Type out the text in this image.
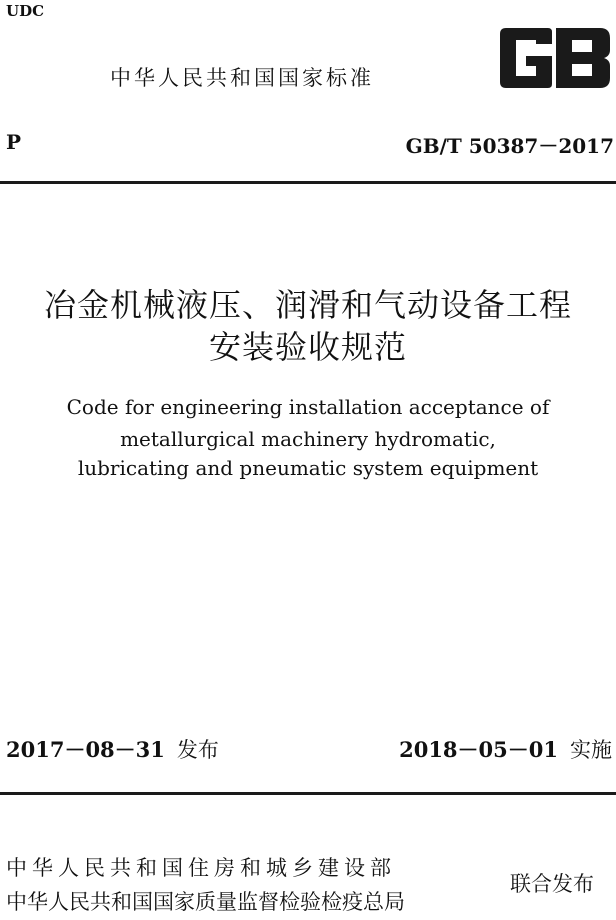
UDC
中华人民共和国国家标准
P	GB/T 50387－2017
冶金机械液压、润滑和气动设备工程
安装验收规范
Code for engineering installation acceptance of
metallurgical machinery hydromatic,
lubricating and pneumatic system equipment
2017－08－31 发布	2018－05－01 实施
中华人民共和国住房和城乡建设部
中华人民共和国国家质量监督检验检疫总局
联合发布
